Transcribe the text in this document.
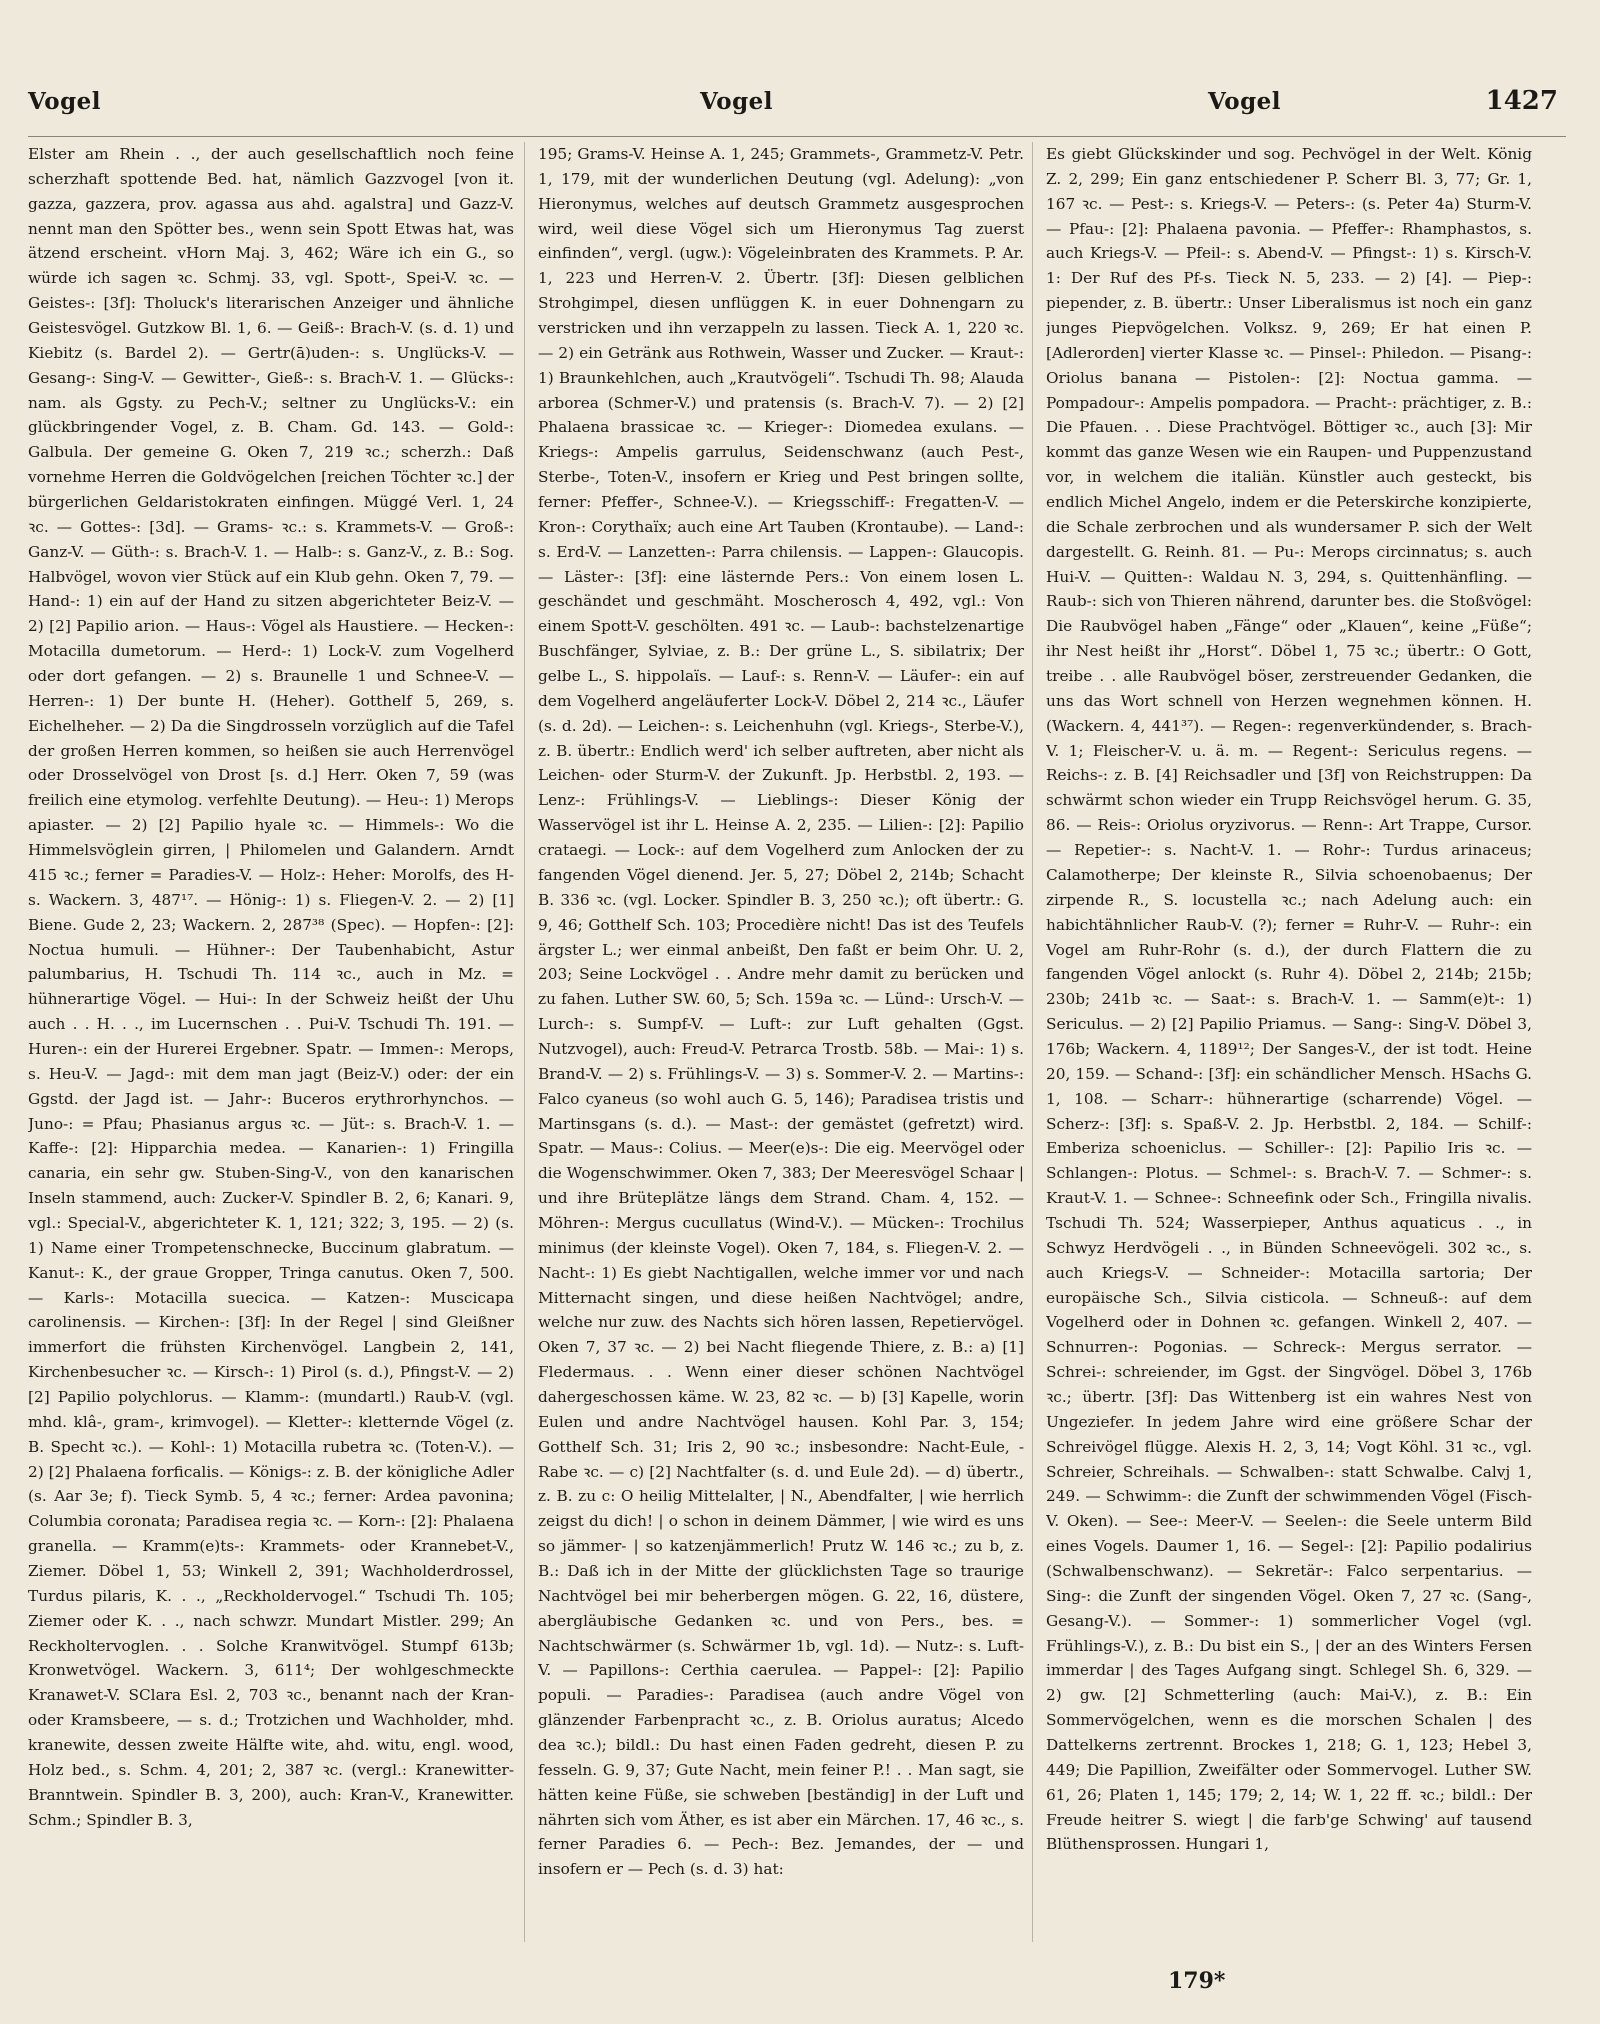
Vogel	Vogel	Vogel	1427

Elster am Rhein . ., der auch gesellschaftlich noch feine scherzhaft spottende Bed. hat, nämlich Gazzvogel [von it. gazza, gazzera, prov. agassa aus ahd. agalstra] und Gazz-V. nennt man den Spötter bes., wenn sein Spott Etwas hat, was ätzend erscheint. vHorn Maj. 3, 462; Wäre ich ein G., so würde ich sagen ꝛc. Schmj. 33, vgl. Spott-, Spei-V. ꝛc. — Geistes-: [3f]: Tholuck's literarischen Anzeiger und ähnliche Geistesvögel. Gutzkow Bl. 1, 6. — Geiß-: Brach-V. (s. d. 1) und Kiebitz (s. Bardel 2). — Gertr(ā)uden-: s. Unglücks-V. — Gesang-: Sing-V. — Gewitter-, Gieß-: s. Brach-V. 1. — Glücks-: nam. als Ggsty. zu Pech-V.; seltner zu Unglücks-V.: ein glückbringender Vogel, z. B. Cham. Gd. 143. — Gold-: Galbula. Der gemeine G. Oken 7, 219 ꝛc.; scherzh.: Daß vornehme Herren die Goldvögelchen [reichen Töchter ꝛc.] der bürgerlichen Geldaristokraten einfingen. Müggé Verl. 1, 24 ꝛc. — Gottes-: [3d]. — Grams- ꝛc.: s. Krammets-V. — Groß-: Ganz-V. — Güth-: s. Brach-V. 1. — Halb-: s. Ganz-V., z. B.: Sog. Halbvögel, wovon vier Stück auf ein Klub gehn. Oken 7, 79. — Hand-: 1) ein auf der Hand zu sitzen abgerichteter Beiz-V. — 2) [2] Papilio arion. — Haus-: Vögel als Haustiere. — Hecken-: Motacilla dumetorum. — Herd-: 1) Lock-V. zum Vogelherd oder dort gefangen. — 2) s. Braunelle 1 und Schnee-V. — Herren-: 1) Der bunte H. (Heher). Gotthelf 5, 269, s. Eichelheher. — 2) Da die Singdrosseln vorzüglich auf die Tafel der großen Herren kommen, so heißen sie auch Herrenvögel oder Drosselvögel von Drost [s. d.] Herr. Oken 7, 59 (was freilich eine etymolog. verfehlte Deutung). — Heu-: 1) Merops apiaster. — 2) [2] Papilio hyale ꝛc. — Himmels-: Wo die Himmelsvöglein girren, | Philomelen und Galandern. Arndt 415 ꝛc.; ferner = Paradies-V. — Holz-: Heher: Morolfs, des H-s. Wackern. 3, 487¹⁷. — Hönig-: 1) s. Fliegen-V. 2. — 2) [1] Biene. Gude 2, 23; Wackern. 2, 287³⁸ (Spec). — Hopfen-: [2]: Noctua humuli. — Hühner-: Der Taubenhabicht, Astur palumbarius, H. Tschudi Th. 114 ꝛc., auch in Mz. = hühnerartige Vögel. — Hui-: In der Schweiz heißt der Uhu auch . . H. . ., im Lucernschen . . Pui-V. Tschudi Th. 191. — Huren-: ein der Hurerei Ergebner. Spatr. — Immen-: Merops, s. Heu-V. — Jagd-: mit dem man jagt (Beiz-V.) oder: der ein Ggstd. der Jagd ist. — Jahr-: Buceros erythrorhynchos. — Juno-: = Pfau; Phasianus argus ꝛc. — Jüt-: s. Brach-V. 1. — Kaffe-: [2]: Hipparchia medea. — Kanarien-: 1) Fringilla canaria, ein sehr gw. Stuben-Sing-V., von den kanarischen Inseln stammend, auch: Zucker-V. Spindler B. 2, 6; Kanari. 9, vgl.: Special-V., abgerichteter K. 1, 121; 322; 3, 195. — 2) (s. 1) Name einer Trompetenschnecke, Buccinum glabratum. — Kanut-: K., der graue Gropper, Tringa canutus. Oken 7, 500. — Karls-: Motacilla suecica. — Katzen-: Muscicapa carolinensis. — Kirchen-: [3f]: In der Regel | sind Gleißner immerfort die frühsten Kirchenvögel. Langbein 2, 141, Kirchenbesucher ꝛc. — Kirsch-: 1) Pirol (s. d.), Pfingst-V. — 2) [2] Papilio polychlorus. — Klamm-: (mundartl.) Raub-V. (vgl. mhd. klâ-, gram-, krimvogel). — Kletter-: kletternde Vögel (z. B. Specht ꝛc.). — Kohl-: 1) Motacilla rubetra ꝛc. (Toten-V.). — 2) [2] Phalaena forficalis. — Königs-: z. B. der königliche Adler (s. Aar 3e; f). Tieck Symb. 5, 4 ꝛc.; ferner: Ardea pavonina; Columbia coronata; Paradisea regia ꝛc. — Korn-: [2]: Phalaena granella. — Kramm(e)ts-: Krammets- oder Krannebet-V., Ziemer. Döbel 1, 53; Winkell 2, 391; Wachholderdrossel, Turdus pilaris, K. . ., „Reckholdervogel.“ Tschudi Th. 105; Ziemer oder K. . ., nach schwzr. Mundart Mistler. 299; An Reckholtervoglen. . . Solche Kranwitvögel. Stumpf 613b; Kronwetvögel. Wackern. 3, 611⁴; Der wohlgeschmeckte Kranawet-V. SClara Esl. 2, 703 ꝛc., benannt nach der Kran- oder Kramsbeere, — s. d.; Trotzichen und Wachholder, mhd. kranewite, dessen zweite Hälfte wite, ahd. witu, engl. wood, Holz bed., s. Schm. 4, 201; 2, 387 ꝛc. (vergl.: Kranewitter-Branntwein. Spindler B. 3, 200), auch: Kran-V., Kranewitter. Schm.; Spindler B. 3,

195; Grams-V. Heinse A. 1, 245; Grammets-, Grammetz-V. Petr. 1, 179, mit der wunderlichen Deutung (vgl. Adelung): „von Hieronymus, welches auf deutsch Grammetz ausgesprochen wird, weil diese Vögel sich um Hieronymus Tag zuerst einfinden“, vergl. (ugw.): Vögeleinbraten des Krammets. P. Ar. 1, 223 und Herren-V. 2. Übertr. [3f]: Diesen gelblichen Strohgimpel, diesen unflüggen K. in euer Dohnengarn zu verstricken und ihn verzappeln zu lassen. Tieck A. 1, 220 ꝛc. — 2) ein Getränk aus Rothwein, Wasser und Zucker. — Kraut-: 1) Braunkehlchen, auch „Krautvögeli“. Tschudi Th. 98; Alauda arborea (Schmer-V.) und pratensis (s. Brach-V. 7). — 2) [2] Phalaena brassicae ꝛc. — Krieger-: Diomedea exulans. — Kriegs-: Ampelis garrulus, Seidenschwanz (auch Pest-, Sterbe-, Toten-V., insofern er Krieg und Pest bringen sollte, ferner: Pfeffer-, Schnee-V.). — Kriegsschiff-: Fregatten-V. — Kron-: Corythaïx; auch eine Art Tauben (Krontaube). — Land-: s. Erd-V. — Lanzetten-: Parra chilensis. — Lappen-: Glaucopis. — Läster-: [3f]: eine lästernde Pers.: Von einem losen L. geschändet und geschmäht. Moscherosch 4, 492, vgl.: Von einem Spott-V. geschölten. 491 ꝛc. — Laub-: bachstelzenartige Buschfänger, Sylviae, z. B.: Der grüne L., S. sibilatrix; Der gelbe L., S. hippolaïs. — Lauf-: s. Renn-V. — Läufer-: ein auf dem Vogelherd angeläuferter Lock-V. Döbel 2, 214 ꝛc., Läufer (s. d. 2d). — Leichen-: s. Leichenhuhn (vgl. Kriegs-, Sterbe-V.), z. B. übertr.: Endlich werd' ich selber auftreten, aber nicht als Leichen- oder Sturm-V. der Zukunft. Jp. Herbstbl. 2, 193. — Lenz-: Frühlings-V. — Lieblings-: Dieser König der Wasservögel ist ihr L. Heinse A. 2, 235. — Lilien-: [2]: Papilio crataegi. — Lock-: auf dem Vogelherd zum Anlocken der zu fangenden Vögel dienend. Jer. 5, 27; Döbel 2, 214b; Schacht B. 336 ꝛc. (vgl. Locker. Spindler B. 3, 250 ꝛc.); oft übertr.: G. 9, 46; Gotthelf Sch. 103; Procedière nicht! Das ist des Teufels ärgster L.; wer einmal anbeißt, Den faßt er beim Ohr. U. 2, 203; Seine Lockvögel . . Andre mehr damit zu berücken und zu fahen. Luther SW. 60, 5; Sch. 159a ꝛc. — Lünd-: Ursch-V. — Lurch-: s. Sumpf-V. — Luft-: zur Luft gehalten (Ggst. Nutzvogel), auch: Freud-V. Petrarca Trostb. 58b. — Mai-: 1) s. Brand-V. — 2) s. Frühlings-V. — 3) s. Sommer-V. 2. — Martins-: Falco cyaneus (so wohl auch G. 5, 146); Paradisea tristis und Martinsgans (s. d.). — Mast-: der gemästet (gefretzt) wird. Spatr. — Maus-: Colius. — Meer(e)s-: Die eig. Meervögel oder die Wogenschwimmer. Oken 7, 383; Der Meeresvögel Schaar | und ihre Brüteplätze längs dem Strand. Cham. 4, 152. — Möhren-: Mergus cucullatus (Wind-V.). — Mücken-: Trochilus minimus (der kleinste Vogel). Oken 7, 184, s. Fliegen-V. 2. — Nacht-: 1) Es giebt Nachtigallen, welche immer vor und nach Mitternacht singen, und diese heißen Nachtvögel; andre, welche nur zuw. des Nachts sich hören lassen, Repetiervögel. Oken 7, 37 ꝛc. — 2) bei Nacht fliegende Thiere, z. B.: a) [1] Fledermaus. . . Wenn einer dieser schönen Nachtvögel dahergeschossen käme. W. 23, 82 ꝛc. — b) [3] Kapelle, worin Eulen und andre Nachtvögel hausen. Kohl Par. 3, 154; Gotthelf Sch. 31; Iris 2, 90 ꝛc.; insbesondre: Nacht-Eule, -Rabe ꝛc. — c) [2] Nachtfalter (s. d. und Eule 2d). — d) übertr., z. B. zu c: O heilig Mittelalter, | N., Abendfalter, | wie herrlich zeigst du dich! | o schon in deinem Dämmer, | wie wird es uns so jämmer- | so katzenjämmerlich! Prutz W. 146 ꝛc.; zu b, z. B.: Daß ich in der Mitte der glücklichsten Tage so traurige Nachtvögel bei mir beherbergen mögen. G. 22, 16, düstere, abergläubische Gedanken ꝛc. und von Pers., bes. = Nachtschwärmer (s. Schwärmer 1b, vgl. 1d). — Nutz-: s. Luft-V. — Papillons-: Certhia caerulea. — Pappel-: [2]: Papilio populi. — Paradies-: Paradisea (auch andre Vögel von glänzender Farbenpracht ꝛc., z. B. Oriolus auratus; Alcedo dea ꝛc.); bildl.: Du hast einen Faden gedreht, diesen P. zu fesseln. G. 9, 37; Gute Nacht, mein feiner P.! . . Man sagt, sie hätten keine Füße, sie schweben [beständig] in der Luft und nährten sich vom Äther, es ist aber ein Märchen. 17, 46 ꝛc., s. ferner Paradies 6. — Pech-: Bez. Jemandes, der — und insofern er — Pech (s. d. 3) hat:

Es giebt Glückskinder und sog. Pechvögel in der Welt. König Z. 2, 299; Ein ganz entschiedener P. Scherr Bl. 3, 77; Gr. 1, 167 ꝛc. — Pest-: s. Kriegs-V. — Peters-: (s. Peter 4a) Sturm-V. — Pfau-: [2]: Phalaena pavonia. — Pfeffer-: Rhamphastos, s. auch Kriegs-V. — Pfeil-: s. Abend-V. — Pfingst-: 1) s. Kirsch-V. 1: Der Ruf des Pf-s. Tieck N. 5, 233. — 2) [4]. — Piep-: piepender, z. B. übertr.: Unser Liberalismus ist noch ein ganz junges Piepvögelchen. Volksz. 9, 269; Er hat einen P. [Adlerorden] vierter Klasse ꝛc. — Pinsel-: Philedon. — Pisang-: Oriolus banana — Pistolen-: [2]: Noctua gamma. — Pompadour-: Ampelis pompadora. — Pracht-: prächtiger, z. B.: Die Pfauen. . . Diese Prachtvögel. Böttiger ꝛc., auch [3]: Mir kommt das ganze Wesen wie ein Raupen- und Puppenzustand vor, in welchem die italiän. Künstler auch gesteckt, bis endlich Michel Angelo, indem er die Peterskirche konzipierte, die Schale zerbrochen und als wundersamer P. sich der Welt dargestellt. G. Reinh. 81. — Pu-: Merops circinnatus; s. auch Hui-V. — Quitten-: Waldau N. 3, 294, s. Quittenhänfling. — Raub-: sich von Thieren nährend, darunter bes. die Stoßvögel: Die Raubvögel haben „Fänge“ oder „Klauen“, keine „Füße“; ihr Nest heißt ihr „Horst“. Döbel 1, 75 ꝛc.; übertr.: O Gott, treibe . . alle Raubvögel böser, zerstreuender Gedanken, die uns das Wort schnell von Herzen wegnehmen können. H. (Wackern. 4, 441³⁷). — Regen-: regenverkündender, s. Brach-V. 1; Fleischer-V. u. ä. m. — Regent-: Sericulus regens. — Reichs-: z. B. [4] Reichsadler und [3f] von Reichstruppen: Da schwärmt schon wieder ein Trupp Reichsvögel herum. G. 35, 86. — Reis-: Oriolus oryzivorus. — Renn-: Art Trappe, Cursor. — Repetier-: s. Nacht-V. 1. — Rohr-: Turdus arinaceus; Calamotherpe; Der kleinste R., Silvia schoenobaenus; Der zirpende R., S. locustella ꝛc.; nach Adelung auch: ein habichtähnlicher Raub-V. (?); ferner = Ruhr-V. — Ruhr-: ein Vogel am Ruhr-Rohr (s. d.), der durch Flattern die zu fangenden Vögel anlockt (s. Ruhr 4). Döbel 2, 214b; 215b; 230b; 241b ꝛc. — Saat-: s. Brach-V. 1. — Samm(e)t-: 1) Sericulus. — 2) [2] Papilio Priamus. — Sang-: Sing-V. Döbel 3, 176b; Wackern. 4, 1189¹²; Der Sanges-V., der ist todt. Heine 20, 159. — Schand-: [3f]: ein schändlicher Mensch. HSachs G. 1, 108. — Scharr-: hühnerartige (scharrende) Vögel. — Scherz-: [3f]: s. Spaß-V. 2. Jp. Herbstbl. 2, 184. — Schilf-: Emberiza schoeniclus. — Schiller-: [2]: Papilio Iris ꝛc. — Schlangen-: Plotus. — Schmel-: s. Brach-V. 7. — Schmer-: s. Kraut-V. 1. — Schnee-: Schneefink oder Sch., Fringilla nivalis. Tschudi Th. 524; Wasserpieper, Anthus aquaticus . ., in Schwyz Herdvögeli . ., in Bünden Schneevögeli. 302 ꝛc., s. auch Kriegs-V. — Schneider-: Motacilla sartoria; Der europäische Sch., Silvia cisticola. — Schneuß-: auf dem Vogelherd oder in Dohnen ꝛc. gefangen. Winkell 2, 407. — Schnurren-: Pogonias. — Schreck-: Mergus serrator. — Schrei-: schreiender, im Ggst. der Singvögel. Döbel 3, 176b ꝛc.; übertr. [3f]: Das Wittenberg ist ein wahres Nest von Ungeziefer. In jedem Jahre wird eine größere Schar der Schreivögel flügge. Alexis H. 2, 3, 14; Vogt Köhl. 31 ꝛc., vgl. Schreier, Schreihals. — Schwalben-: statt Schwalbe. Calvj 1, 249. — Schwimm-: die Zunft der schwimmenden Vögel (Fisch-V. Oken). — See-: Meer-V. — Seelen-: die Seele unterm Bild eines Vogels. Daumer 1, 16. — Segel-: [2]: Papilio podalirius (Schwalbenschwanz). — Sekretär-: Falco serpentarius. — Sing-: die Zunft der singenden Vögel. Oken 7, 27 ꝛc. (Sang-, Gesang-V.). — Sommer-: 1) sommerlicher Vogel (vgl. Frühlings-V.), z. B.: Du bist ein S., | der an des Winters Fersen immerdar | des Tages Aufgang singt. Schlegel Sh. 6, 329. — 2) gw. [2] Schmetterling (auch: Mai-V.), z. B.: Ein Sommervögelchen, wenn es die morschen Schalen | des Dattelkerns zertrennt. Brockes 1, 218; G. 1, 123; Hebel 3, 449; Die Papillion, Zweifälter oder Sommervogel. Luther SW. 61, 26; Platen 1, 145; 179; 2, 14; W. 1, 22 ff. ꝛc.; bildl.: Der Freude heitrer S. wiegt | die farb'ge Schwing' auf tausend Blüthensprossen. Hungari 1,

179*
